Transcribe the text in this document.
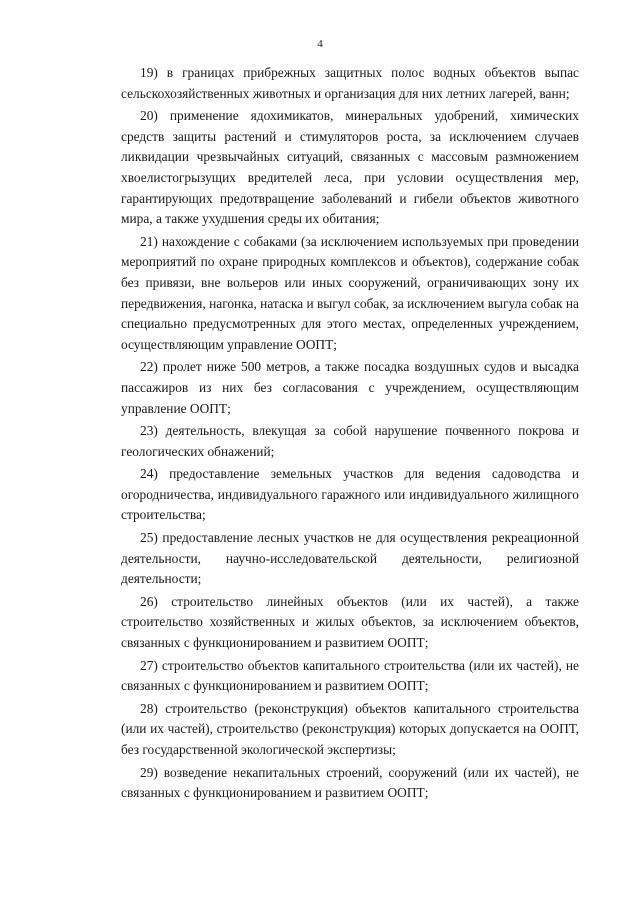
4

19) в границах прибрежных защитных полос водных объектов выпас сельскохозяйственных животных и организация для них летних лагерей, ванн;

20) применение ядохимикатов, минеральных удобрений, химических средств защиты растений и стимуляторов роста, за исключением случаев ликвидации чрезвычайных ситуаций, связанных с массовым размножением хвоелистогрызущих вредителей леса, при условии осуществления мер, гарантирующих предотвращение заболеваний и гибели объектов животного мира, а также ухудшения среды их обитания;

21) нахождение с собаками (за исключением используемых при проведении мероприятий по охране природных комплексов и объектов), содержание собак без привязи, вне вольеров или иных сооружений, ограничивающих зону их передвижения, нагонка, натаска и выгул собак, за исключением выгула собак на специально предусмотренных для этого местах, определенных учреждением, осуществляющим управление ООПТ;

22) пролет ниже 500 метров, а также посадка воздушных судов и высадка пассажиров из них без согласования с учреждением, осуществляющим управление ООПТ;

23) деятельность, влекущая за собой нарушение почвенного покрова и геологических обнажений;

24) предоставление земельных участков для ведения садоводства и огородничества, индивидуального гаражного или индивидуального жилищного строительства;

25) предоставление лесных участков не для осуществления рекреационной деятельности, научно-исследовательской деятельности, религиозной деятельности;

26) строительство линейных объектов (или их частей), а также строительство хозяйственных и жилых объектов, за исключением объектов, связанных с функционированием и развитием ООПТ;

27) строительство объектов капитального строительства (или их частей), не связанных с функционированием и развитием ООПТ;

28) строительство (реконструкция) объектов капитального строительства (или их частей), строительство (реконструкция) которых допускается на ООПТ, без государственной экологической экспертизы;

29) возведение некапитальных строений, сооружений (или их частей), не связанных с функционированием и развитием ООПТ;
